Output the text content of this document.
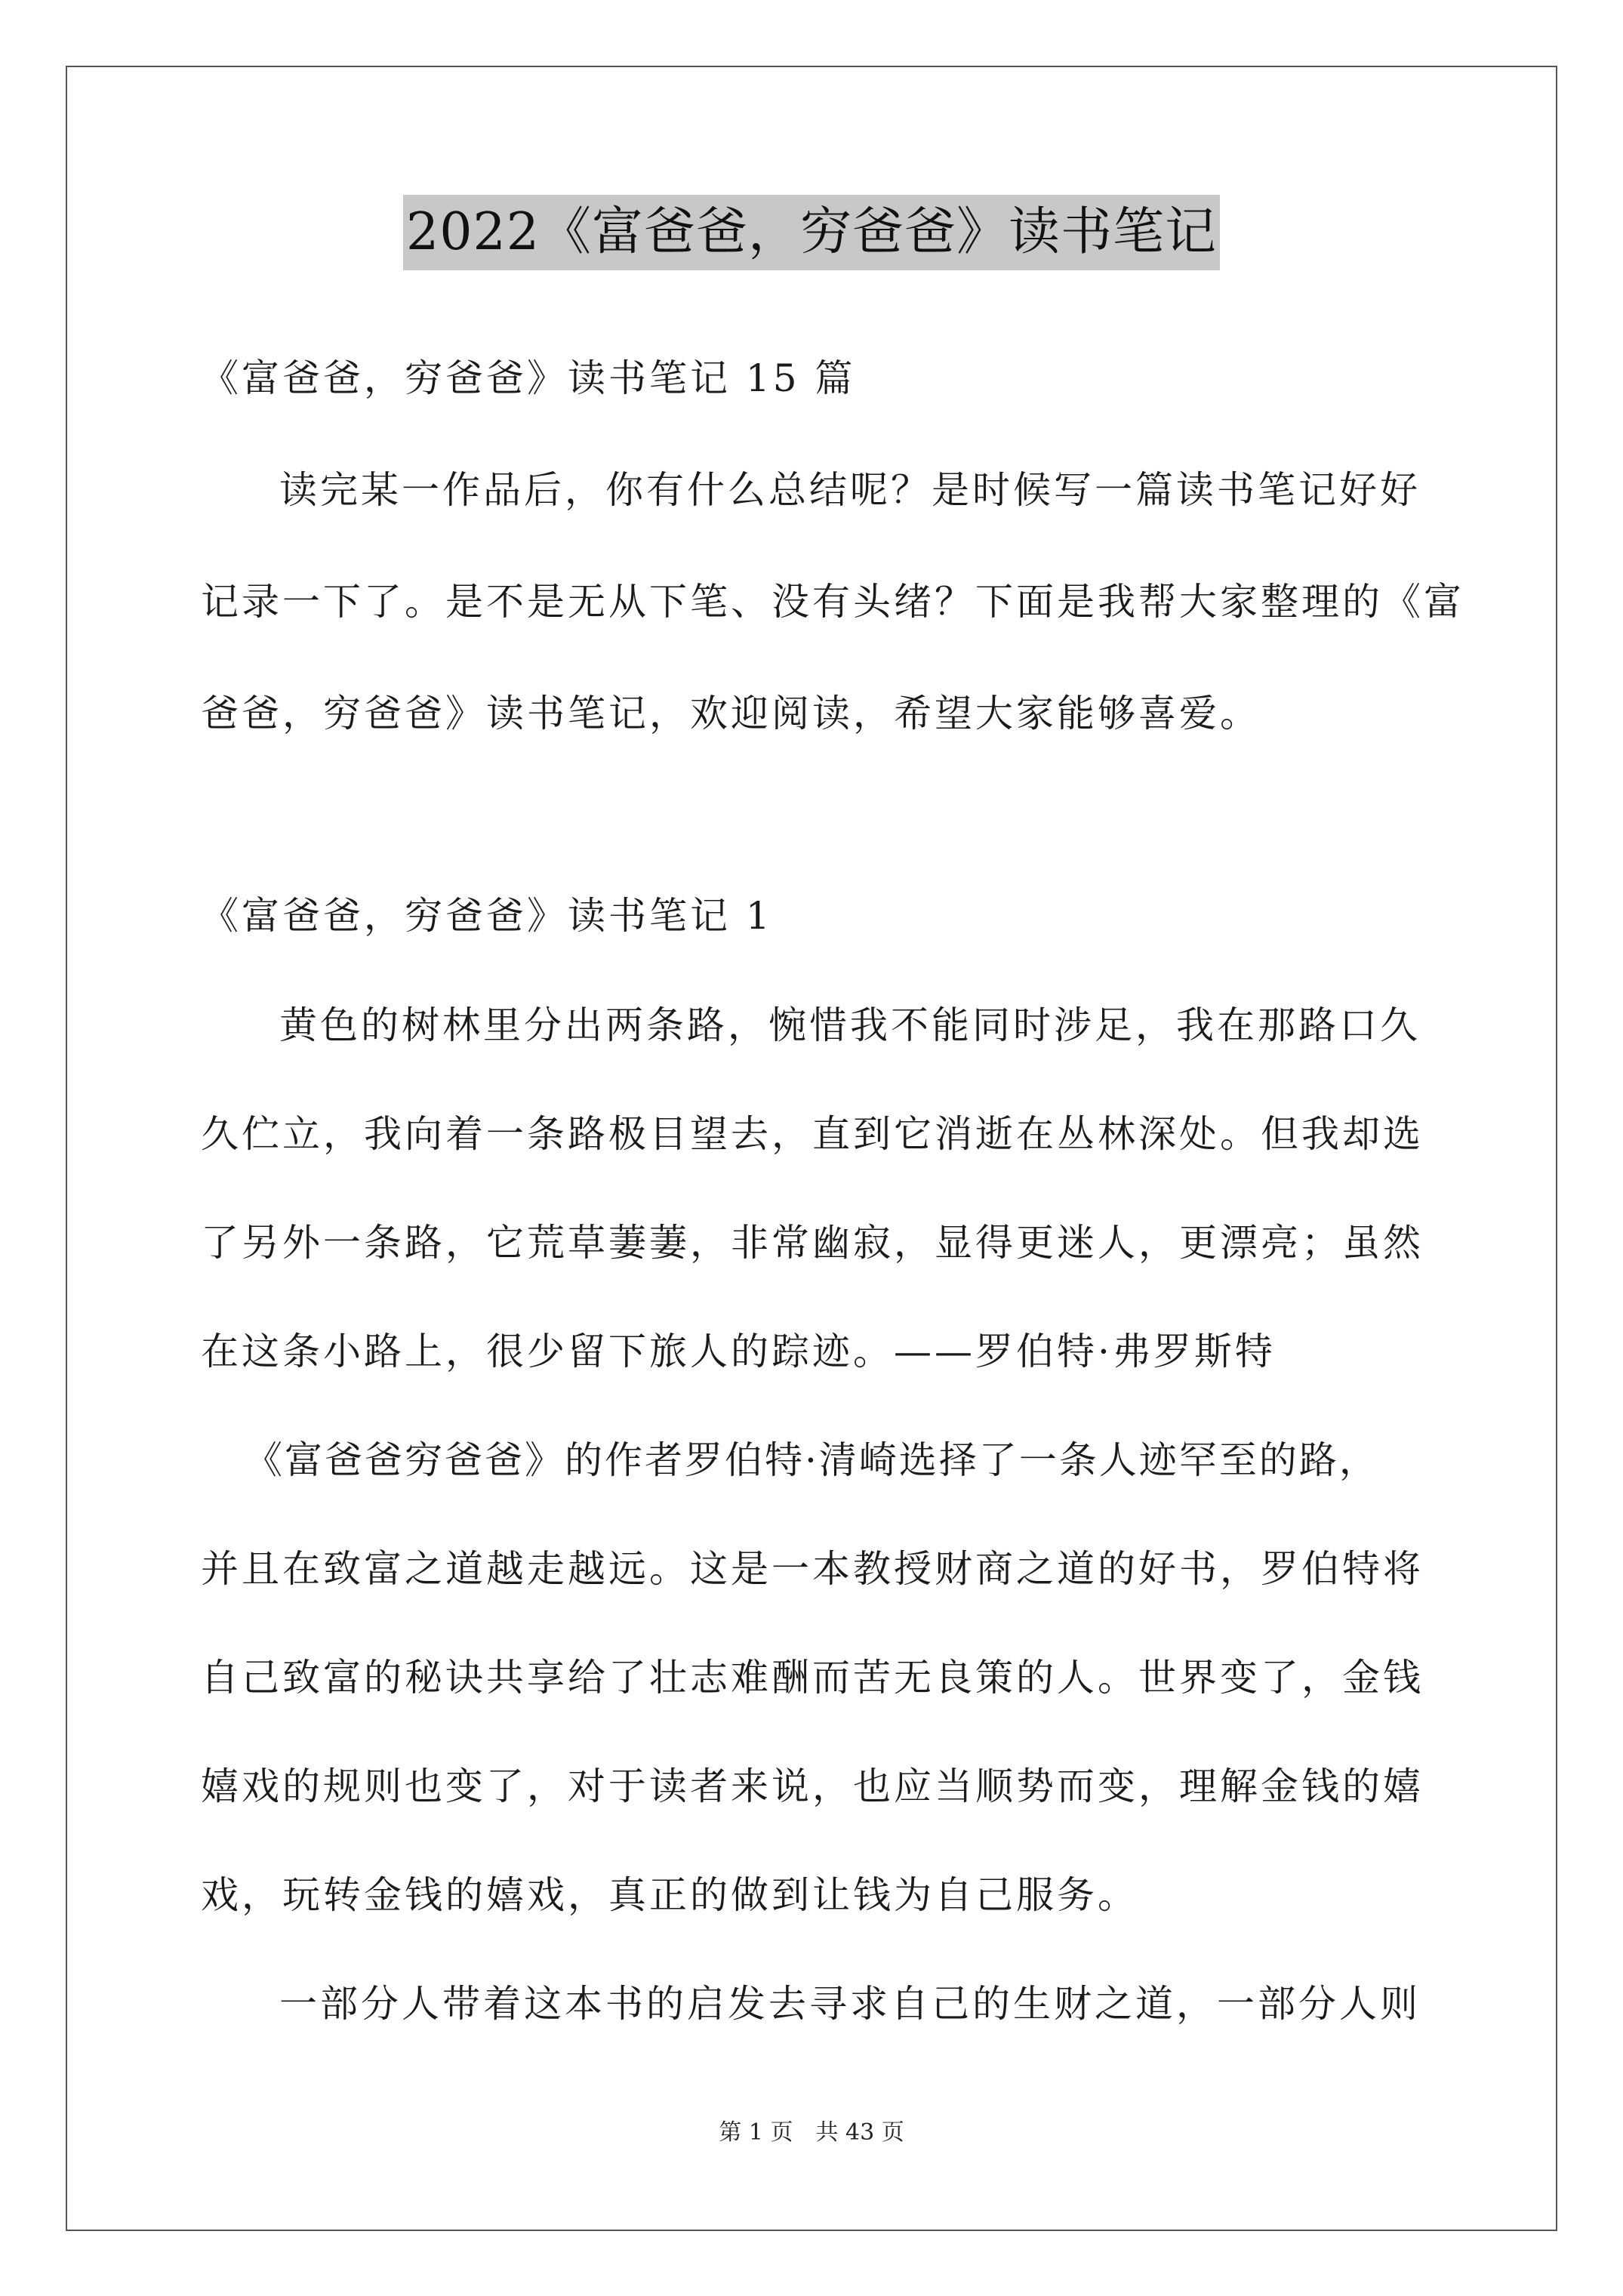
2022《富爸爸，穷爸爸》读书笔记
《富爸爸，穷爸爸》读书笔记 15 篇
读完某一作品后，你有什么总结呢？是时候写一篇读书笔记好好
记录一下了。是不是无从下笔、没有头绪？下面是我帮大家整理的《富
爸爸，穷爸爸》读书笔记，欢迎阅读，希望大家能够喜爱。
《富爸爸，穷爸爸》读书笔记 1
黄色的树林里分出两条路，惋惜我不能同时涉足，我在那路口久
久伫立，我向着一条路极目望去，直到它消逝在丛林深处。但我却选
了另外一条路，它荒草萋萋，非常幽寂，显得更迷人，更漂亮；虽然
在这条小路上，很少留下旅人的踪迹。——罗伯特·弗罗斯特
《富爸爸穷爸爸》的作者罗伯特·清崎选择了一条人迹罕至的路，
并且在致富之道越走越远。这是一本教授财商之道的好书，罗伯特将
自己致富的秘诀共享给了壮志难酬而苦无良策的人。世界变了，金钱
嬉戏的规则也变了，对于读者来说，也应当顺势而变，理解金钱的嬉
戏，玩转金钱的嬉戏，真正的做到让钱为自己服务。
一部分人带着这本书的启发去寻求自己的生财之道，一部分人则
第 1 页　共 43 页
